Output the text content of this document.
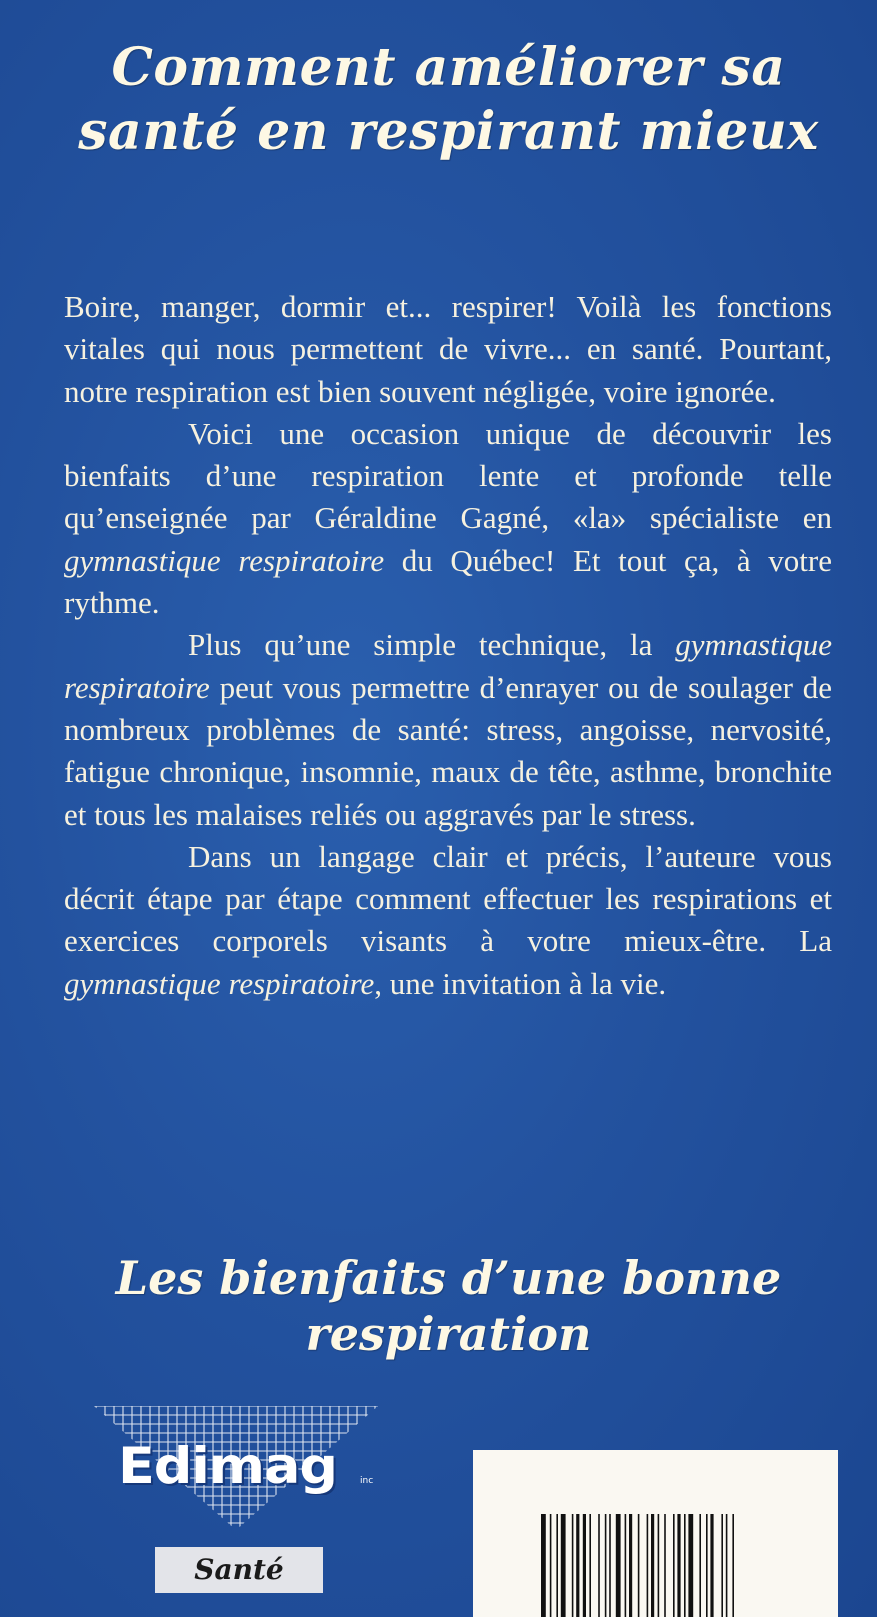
Comment améliorer sa santé en respirant mieux

Boire, manger, dormir et... respirer! Voilà les fonctions vitales qui nous permettent de vivre... en santé. Pourtant, notre respiration est bien souvent négligée, voire ignorée.

Voici une occasion unique de découvrir les bienfaits d’une respiration lente et profonde telle qu’enseignée par Géraldine Gagné, «la» spécialiste en gymnastique respiratoire du Québec! Et tout ça, à votre rythme.

Plus qu’une simple technique, la gymnastique respiratoire peut vous permettre d’enrayer ou de soulager de nombreux problèmes de santé: stress, angoisse, nervosité, fatigue chronique, insomnie, maux de tête, asthme, bronchite et tous les malaises reliés ou aggravés par le stress.

Dans un langage clair et précis, l’auteure vous décrit étape par étape comment effectuer les respirations et exercices corporels visants à votre mieux-être. La gymnastique respiratoire, une invitation à la vie.

Les bienfaits d’une bonne respiration
Edimag	inc
Santé
